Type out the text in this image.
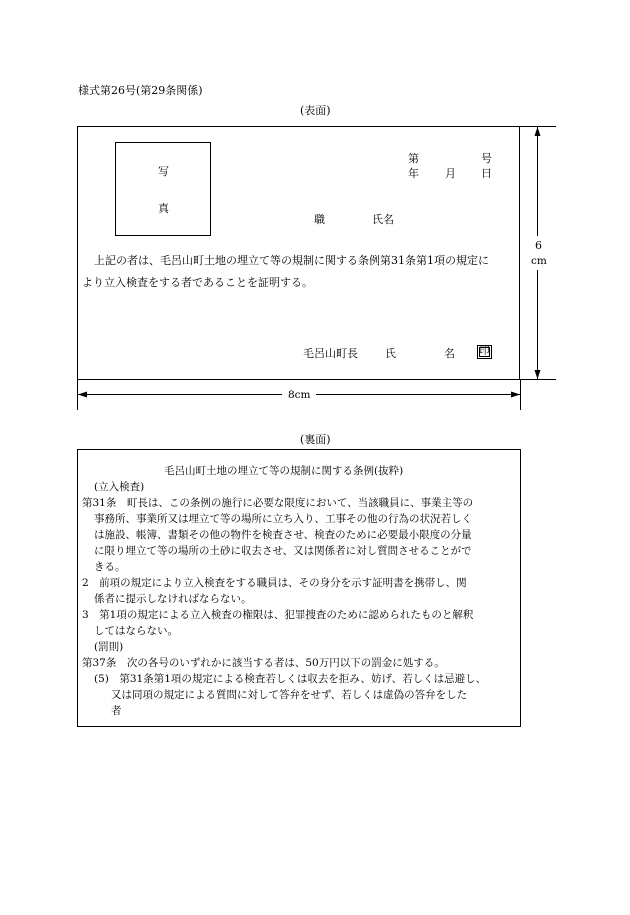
様式第26号(第29条関係)
(表面)
写
真
第	号
年 月 日
職	氏名
上記の者は、毛呂山町土地の埋立て等の規制に関する条例第31条第1項の規定に
より立入検査をする者であることを証明する。
毛呂山町長 氏	名 印
6
cm
8cm
(裏面)
毛呂山町土地の埋立て等の規制に関する条例(抜粋)
(立入検査)
第31条　町長は、この条例の施行に必要な限度において、当該職員に、事業主等の
事務所、事業所又は埋立て等の場所に立ち入り、工事その他の行為の状況若しく
は施設、帳簿、書類その他の物件を検査させ、検査のために必要最小限度の分量
に限り埋立て等の場所の土砂に収去させ、又は関係者に対し質問させることがで
きる。
2　前項の規定により立入検査をする職員は、その身分を示す証明書を携帯し、関
係者に提示しなければならない。
3　第1項の規定による立入検査の権限は、犯罪捜査のために認められたものと解釈
してはならない。
(罰則)
第37条　次の各号のいずれかに該当する者は、50万円以下の罰金に処する。
(5)　第31条第1項の規定による検査若しくは収去を拒み、妨げ、若しくは忌避し、
又は同項の規定による質問に対して答弁をせず、若しくは虚偽の答弁をした
者
